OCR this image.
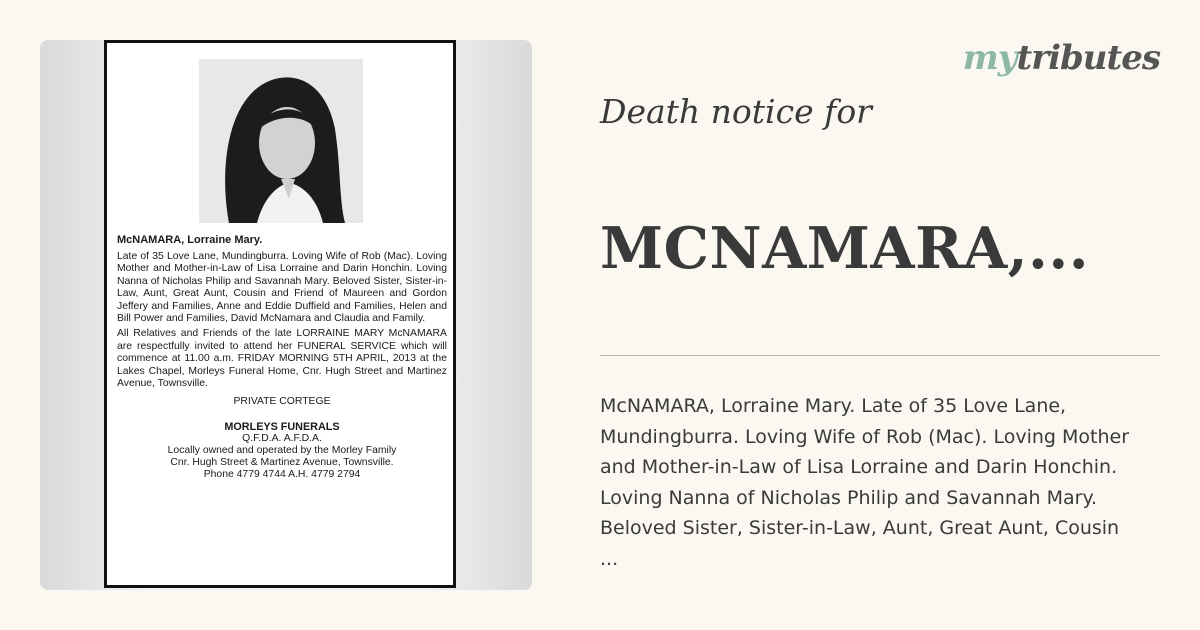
McNAMARA, Lorraine Mary.
Late of 35 Love Lane, Mundingburra. Loving Wife of Rob (Mac). Loving Mother and Mother-in-Law of Lisa Lorraine and Darin Honchin. Loving Nanna of Nicholas Philip and Savannah Mary. Beloved Sister, Sister-in-Law, Aunt, Great Aunt, Cousin and Friend of Maureen and Gordon Jeffery and Families, Anne and Eddie Duffield and Families, Helen and Bill Power and Families, David McNamara and Claudia and Family.
All Relatives and Friends of the late LORRAINE MARY McNAMARA are respectfully invited to attend her FUNERAL SERVICE which will commence at 11.00 a.m. FRIDAY MORNING 5TH APRIL, 2013 at the Lakes Chapel, Morleys Funeral Home, Cnr. Hugh Street and Martinez Avenue, Townsville.
PRIVATE CORTEGE
MORLEYS FUNERALS
Q.F.D.A. A.F.D.A.
Locally owned and operated by the Morley Family
Cnr. Hugh Street & Martinez Avenue, Townsville.
Phone 4779 4744 A.H. 4779 2794
mytributes
Death notice for
MCNAMARA,...
McNAMARA, Lorraine Mary. Late of 35 Love Lane,
Mundingburra. Loving Wife of Rob (Mac). Loving Mother
and Mother-in-Law of Lisa Lorraine and Darin Honchin.
Loving Nanna of Nicholas Philip and Savannah Mary.
Beloved Sister, Sister-in-Law, Aunt, Great Aunt, Cousin
...
